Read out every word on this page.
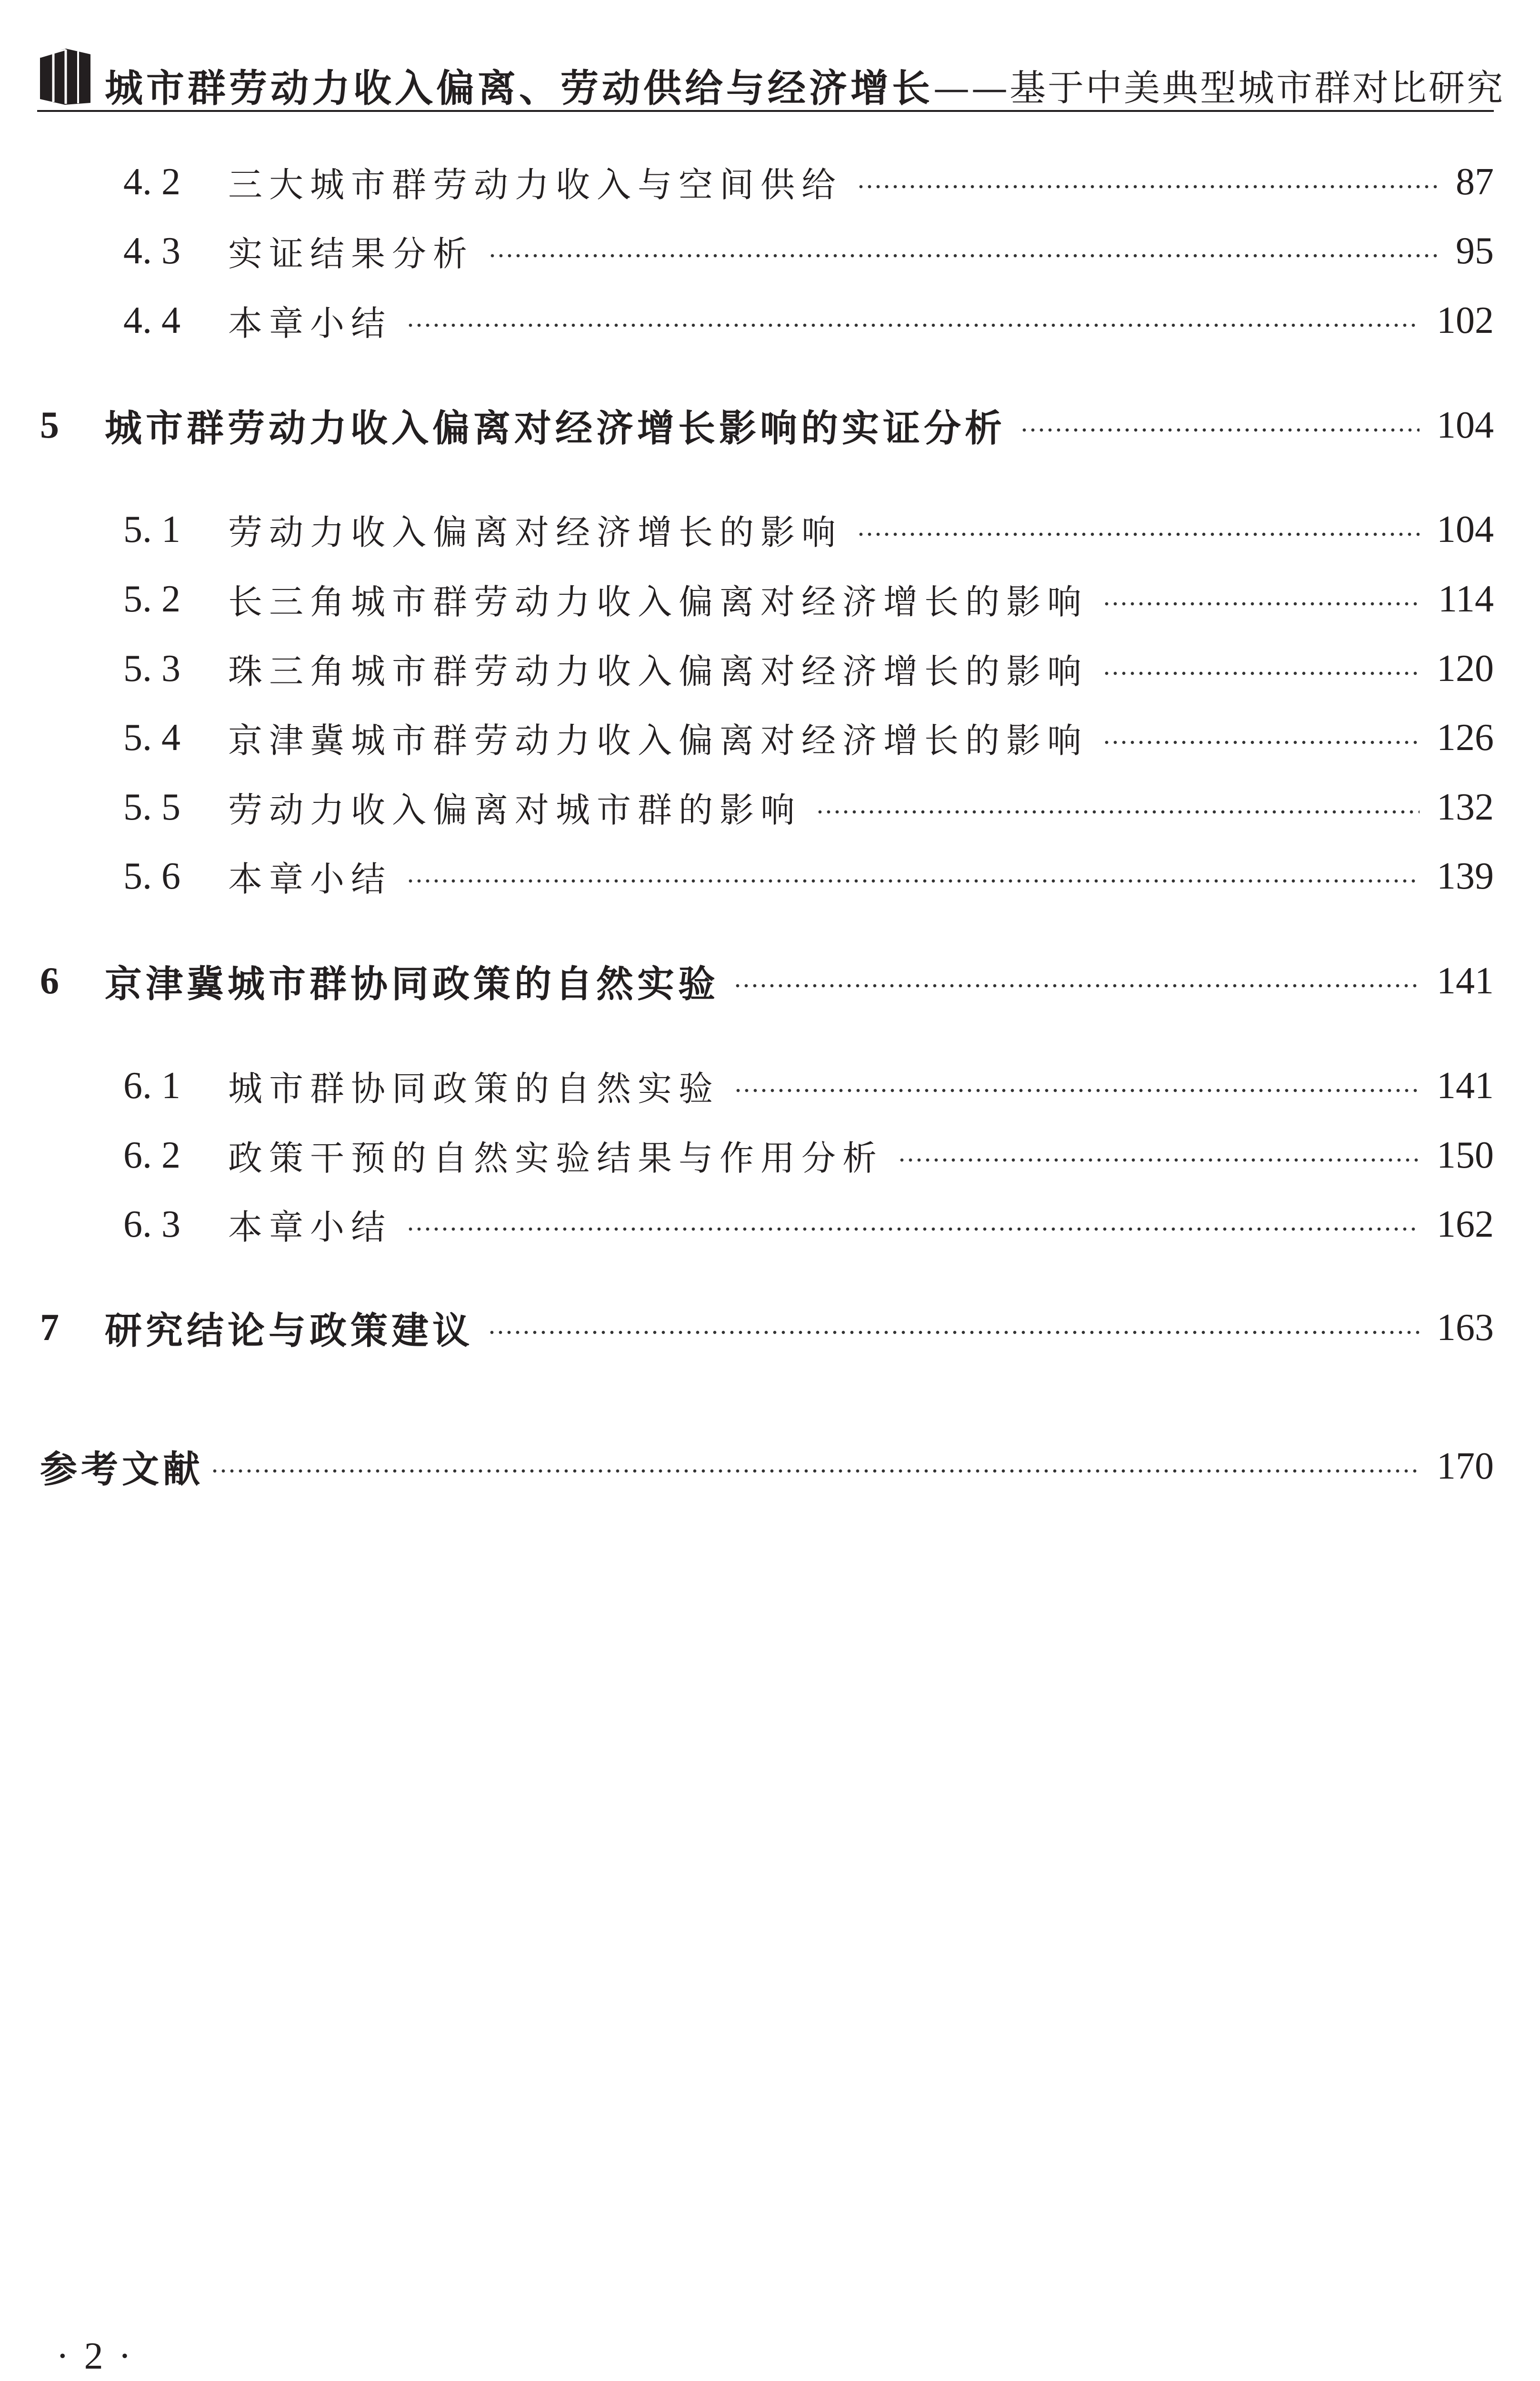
城市群劳动力收入偏离、劳动供给与经济增长 ——基于中美典型城市群对比研究
4. 2	三大城市群劳动力收入与空间供给	87
4. 3	实证结果分析	95
4. 4	本章小结	102
5	城市群劳动力收入偏离对经济增长影响的实证分析	104
5. 1	劳动力收入偏离对经济增长的影响	104
5. 2	长三角城市群劳动力收入偏离对经济增长的影响	114
5. 3	珠三角城市群劳动力收入偏离对经济增长的影响	120
5. 4	京津冀城市群劳动力收入偏离对经济增长的影响	126
5. 5	劳动力收入偏离对城市群的影响	132
5. 6	本章小结	139
6	京津冀城市群协同政策的自然实验	141
6. 1	城市群协同政策的自然实验	141
6. 2	政策干预的自然实验结果与作用分析	150
6. 3	本章小结	162
7	研究结论与政策建议	163
参考文献	170
· 2 ·
